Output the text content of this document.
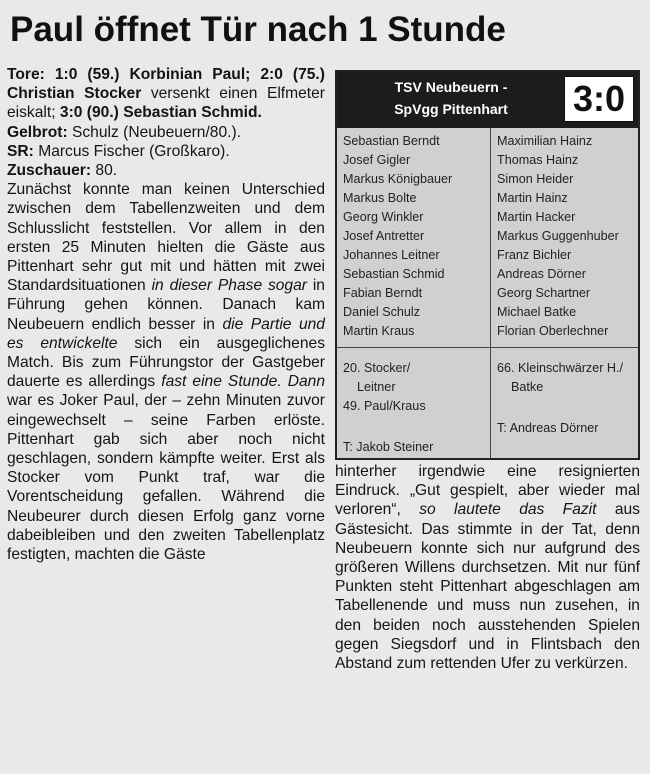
Paul öffnet Tür nach 1 Stunde
Tore: 1:0 (59.) Korbinian Paul; 2:0 (75.) Christian Stocker versenkt einen Elfmeter eiskalt; 3:0 (90.) Sebastian Schmid.
Gelbrot: Schulz (Neubeuern/80.).
SR: Marcus Fischer (Großkaro).
Zuschauer: 80.
Zunächst konnte man keinen Unterschied zwischen dem Tabellenzweiten und dem Schlusslicht feststellen. Vor allem in den ersten 25 Minuten hielten die Gäste aus Pittenhart sehr gut mit und hätten mit zwei Standardsituationen in dieser Phase sogar in Führung gehen können. Danach kam Neubeuern endlich besser in die Partie und es entwickelte sich ein ausgeglichenes Match. Bis zum Führungstor der Gastgeber dauerte es allerdings fast eine Stunde. Dann war es Joker Paul, der – zehn Minuten zuvor eingewechselt – seine Farben erlöste. Pittenhart gab sich aber noch nicht geschlagen, sondern kämpfte weiter. Erst als Stocker vom Punkt traf, war die Vorentscheidung gefallen. Während die Neubeurer durch diesen Erfolg ganz vorne dabeibleiben und den zweiten Tabellenplatz festigten, machten die Gäste
TSV Neubeuern -
SpVgg Pittenhart	3:0
Sebastian Berndt
Josef Gigler
Markus Königbauer
Markus Bolte
Georg Winkler
Josef Antretter
Johannes Leitner
Sebastian Schmid
Fabian Berndt
Daniel Schulz
Martin Kraus
Maximilian Hainz
Thomas Hainz
Simon Heider
Martin Hainz
Martin Hacker
Markus Guggenhuber
Franz Bichler
Andreas Dörner
Georg Schartner
Michael Batke
Florian Oberlechner
20. Stocker/
Leitner
49. Paul/Kraus
66. Kleinschwärzer H./
Batke
T: Jakob Steiner
T: Andreas Dörner
hinterher irgendwie eine resignierten Eindruck. „Gut gespielt, aber wieder mal verloren“, so lautete das Fazit aus Gästesicht. Das stimmte in der Tat, denn Neubeuern konnte sich nur aufgrund des größeren Willens durchsetzen. Mit nur fünf Punkten steht Pittenhart abgeschlagen am Tabellenende und muss nun zusehen, in den beiden noch ausstehenden Spielen gegen Siegsdorf und in Flintsbach den Abstand zum rettenden Ufer zu verkürzen.
